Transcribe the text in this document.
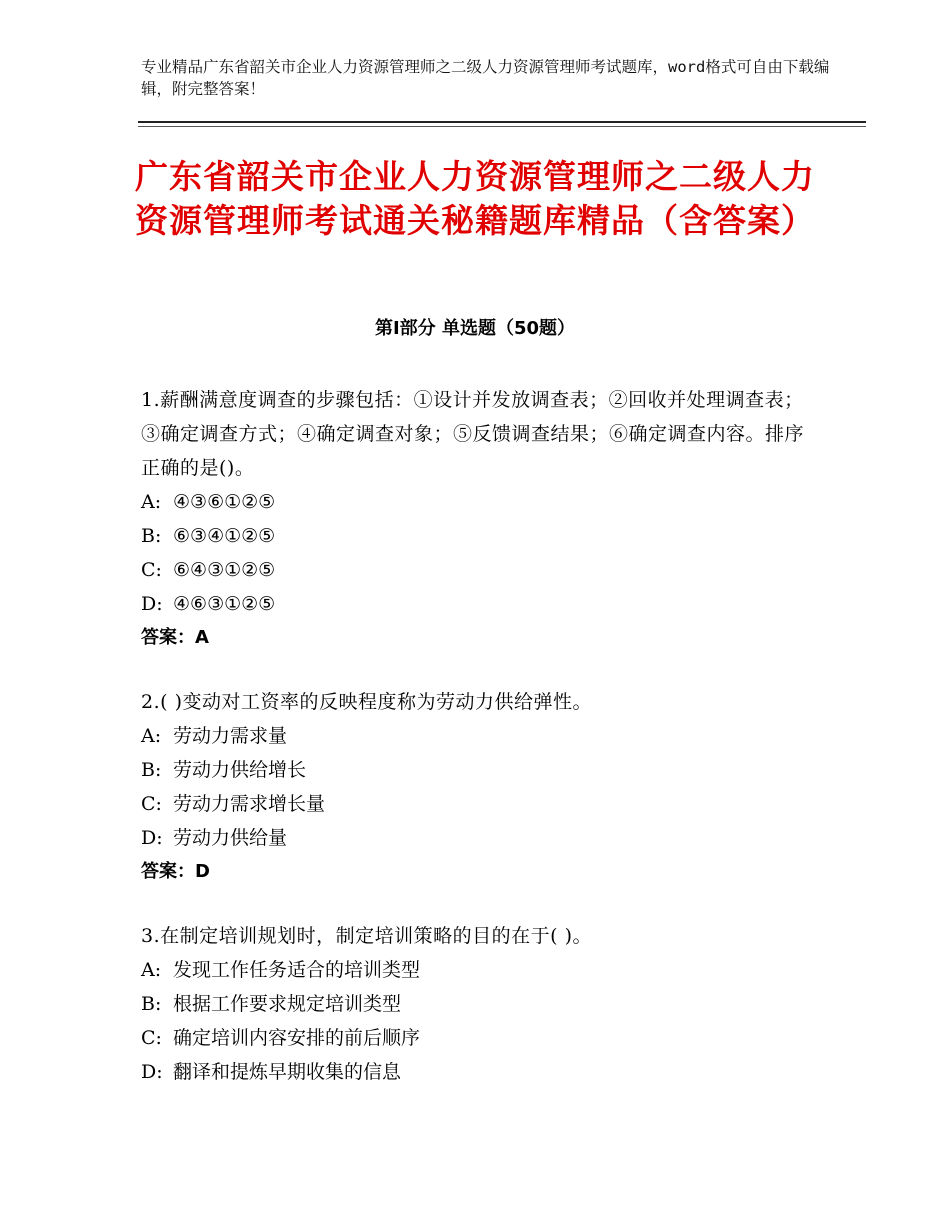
专业精品广东省韶关市企业人力资源管理师之二级人力资源管理师考试题库，word格式可自由下载编辑，附完整答案！
广东省韶关市企业人力资源管理师之二级人力资源管理师考试通关秘籍题库精品（含答案）
第Ⅰ部分 单选题（50题）
1.薪酬满意度调查的步骤包括：①设计并发放调查表；②回收并处理调查表；③确定调查方式；④确定调查对象；⑤反馈调查结果；⑥确定调查内容。排序正确的是()。
A: ④③⑥①②⑤
B: ⑥③④①②⑤
C: ⑥④③①②⑤
D: ④⑥③①②⑤
答案：A
2.( )变动对工资率的反映程度称为劳动力供给弹性。
A: 劳动力需求量
B: 劳动力供给增长
C: 劳动力需求增长量
D: 劳动力供给量
答案：D
3.在制定培训规划时，制定培训策略的目的在于( )。
A: 发现工作任务适合的培训类型
B: 根据工作要求规定培训类型
C: 确定培训内容安排的前后顺序
D: 翻译和提炼早期收集的信息
